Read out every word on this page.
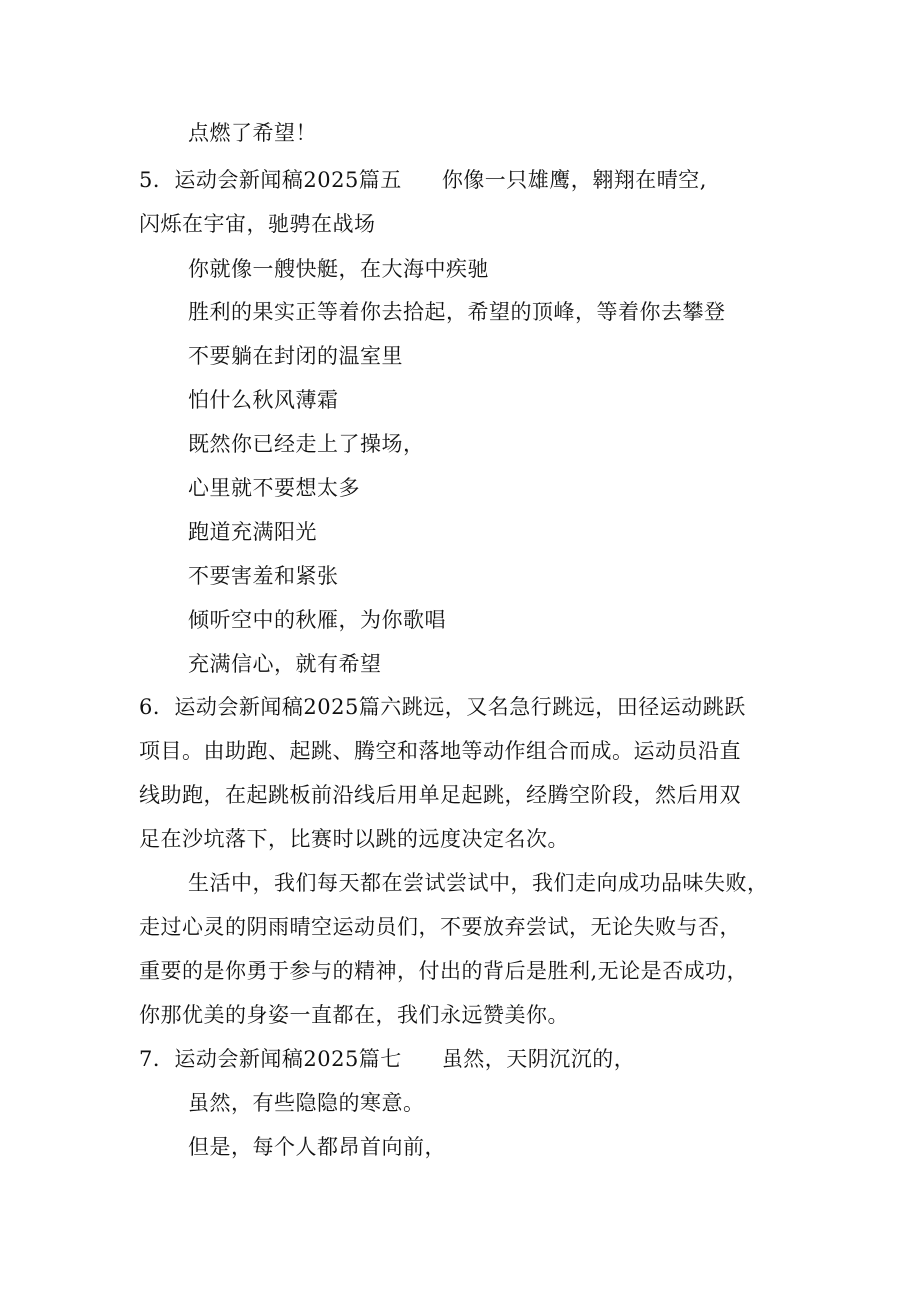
点燃了希望！
5．运动会新闻稿2025篇五 你像一只雄鹰，翱翔在晴空,
闪烁在宇宙，驰骋在战场
你就像一艘快艇，在大海中疾驰
胜利的果实正等着你去拾起，希望的顶峰，等着你去攀登
不要躺在封闭的温室里
怕什么秋风薄霜
既然你已经走上了操场，
心里就不要想太多
跑道充满阳光
不要害羞和紧张
倾听空中的秋雁，为你歌唱
充满信心，就有希望
6．运动会新闻稿2025篇六跳远，又名急行跳远，田径运动跳跃
项目。由助跑、起跳、腾空和落地等动作组合而成。运动员沿直
线助跑，在起跳板前沿线后用单足起跳，经腾空阶段，然后用双
足在沙坑落下，比赛时以跳的远度决定名次。
生活中，我们每天都在尝试尝试中，我们走向成功品味失败，
走过心灵的阴雨晴空运动员们，不要放弃尝试，无论失败与否，
重要的是你勇于参与的精神，付出的背后是胜利,无论是否成功，
你那优美的身姿一直都在，我们永远赞美你。
7．运动会新闻稿2025篇七 虽然，天阴沉沉的，
虽然，有些隐隐的寒意。
但是，每个人都昂首向前，
